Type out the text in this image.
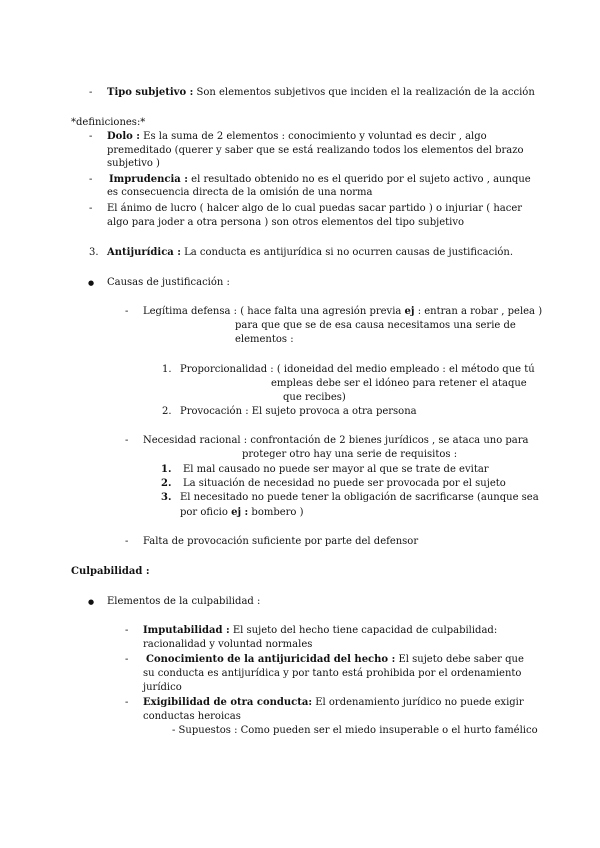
- Tipo subjetivo : Son elementos subjetivos que inciden el la realización de la acción
*definiciones:*
- Dolo : Es la suma de 2 elementos : conocimiento y voluntad es decir , algo
premeditado (querer y saber que se está realizando todos los elementos del brazo
subjetivo )
- Imprudencia : el resultado obtenido no es el querido por el sujeto activo , aunque
es consecuencia directa de la omisión de una norma
- El ánimo de lucro ( halcer algo de lo cual puedas sacar partido ) o injuriar ( hacer
algo para joder a otra persona ) son otros elementos del tipo subjetivo
3. Antijurídica : La conducta es antijurídica si no ocurren causas de justificación.
● Causas de justificación :
- Legítima defensa : ( hace falta una agresión previa ej : entran a robar , pelea )
para que que se de esa causa necesitamos una serie de
elementos :
1. Proporcionalidad : ( idoneidad del medio empleado : el método que tú
empleas debe ser el idóneo para retener el ataque
que recibes)
2. Provocación : El sujeto provoca a otra persona
- Necesidad racional : confrontación de 2 bienes jurídicos , se ataca uno para
proteger otro hay una serie de requisitos :
1. El mal causado no puede ser mayor al que se trate de evitar
2. La situación de necesidad no puede ser provocada por el sujeto
3. El necesitado no puede tener la obligación de sacrificarse (aunque sea
por oficio ej : bombero )
- Falta de provocación suficiente por parte del defensor
Culpabilidad :
● Elementos de la culpabilidad :
- Imputabilidad : El sujeto del hecho tiene capacidad de culpabilidad:
racionalidad y voluntad normales
- Conocimiento de la antijuricidad del hecho : El sujeto debe saber que
su conducta es antijurídica y por tanto está prohibida por el ordenamiento
jurídico
- Exigibilidad de otra conducta: El ordenamiento jurídico no puede exigir
conductas heroicas
- Supuestos : Como pueden ser el miedo insuperable o el hurto famélico
